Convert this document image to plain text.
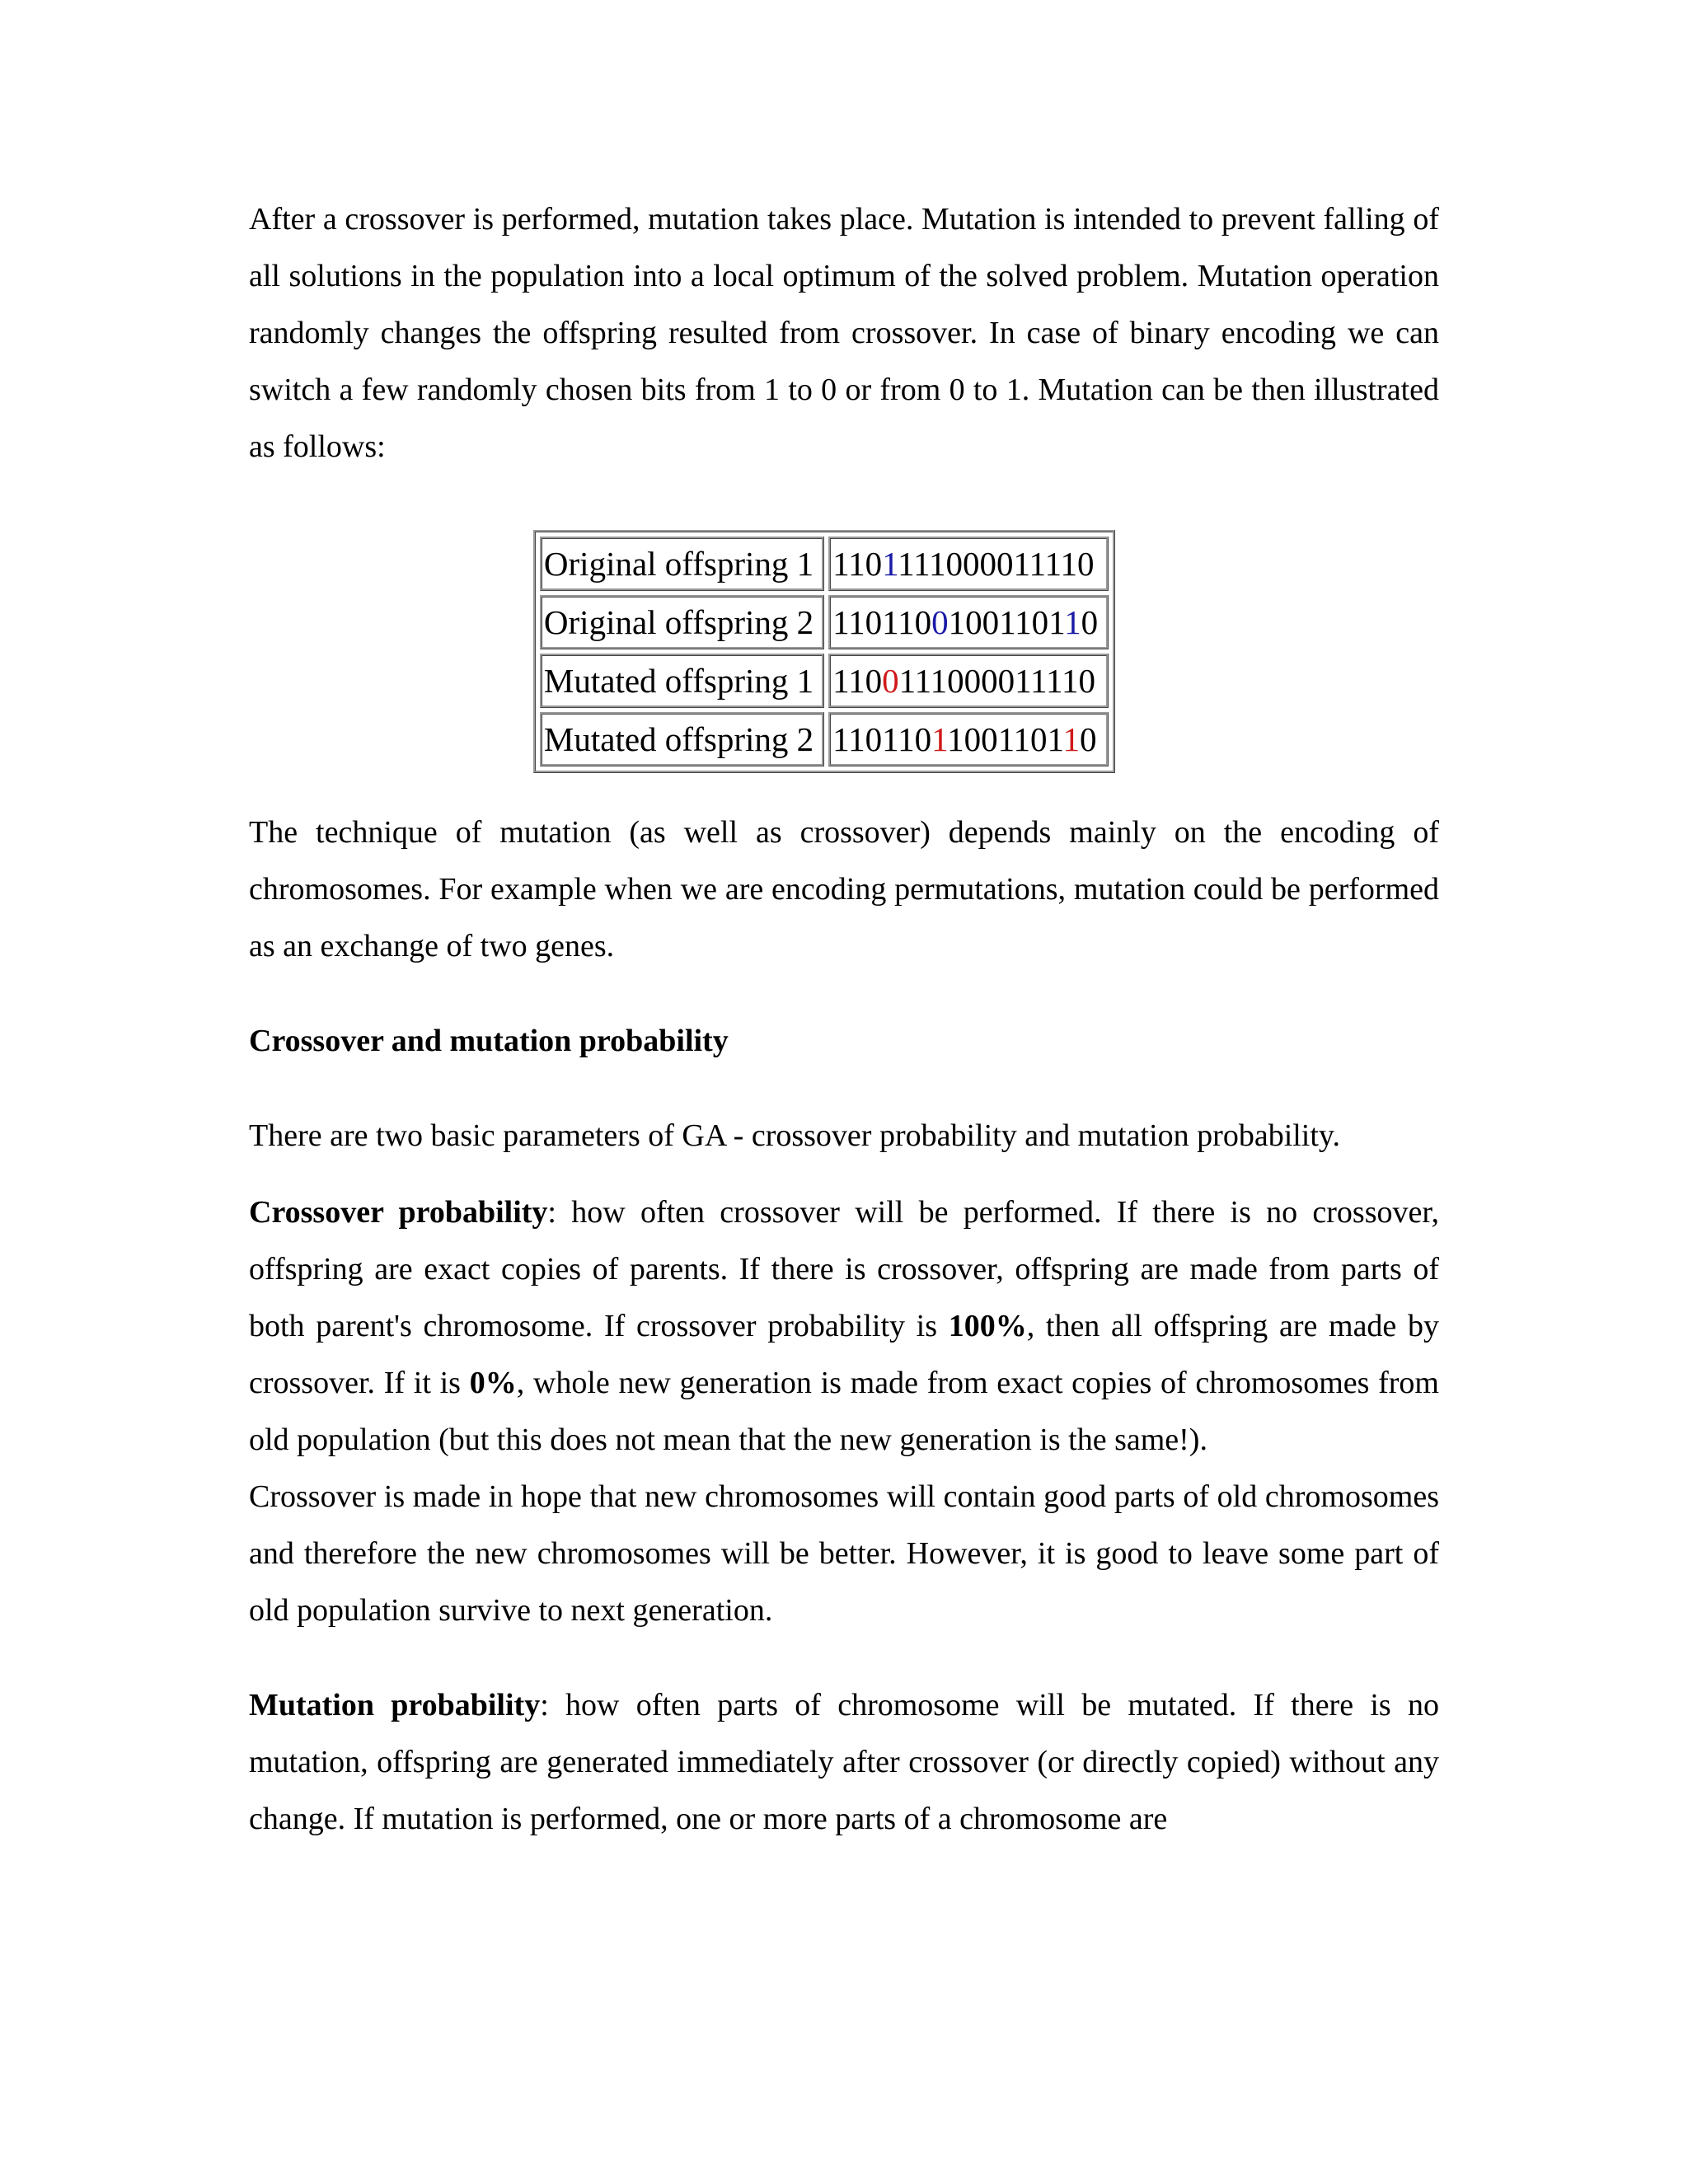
After a crossover is performed, mutation takes place. Mutation is intended to prevent falling of all solutions in the population into a local optimum of the solved problem. Mutation operation randomly changes the offspring resulted from crossover. In case of binary encoding we can switch a few randomly chosen bits from 1 to 0 or from 0 to 1. Mutation can be then illustrated as follows:

Original offspring 1	1101111000011110
Original offspring 2	1101100100110110
Mutated offspring 1	1100111000011110
Mutated offspring 2	1101101100110110

The technique of mutation (as well as crossover) depends mainly on the encoding of chromosomes. For example when we are encoding permutations, mutation could be performed as an exchange of two genes.

Crossover and mutation probability

There are two basic parameters of GA - crossover probability and mutation probability.

Crossover probability: how often crossover will be performed. If there is no crossover, offspring are exact copies of parents. If there is crossover, offspring are made from parts of both parent's chromosome. If crossover probability is 100%, then all offspring are made by crossover. If it is 0%, whole new generation is made from exact copies of chromosomes from old population (but this does not mean that the new generation is the same!).

Crossover is made in hope that new chromosomes will contain good parts of old chromosomes and therefore the new chromosomes will be better. However, it is good to leave some part of old population survive to next generation.

Mutation probability: how often parts of chromosome will be mutated. If there is no mutation, offspring are generated immediately after crossover (or directly copied) without any change. If mutation is performed, one or more parts of a chromosome are
